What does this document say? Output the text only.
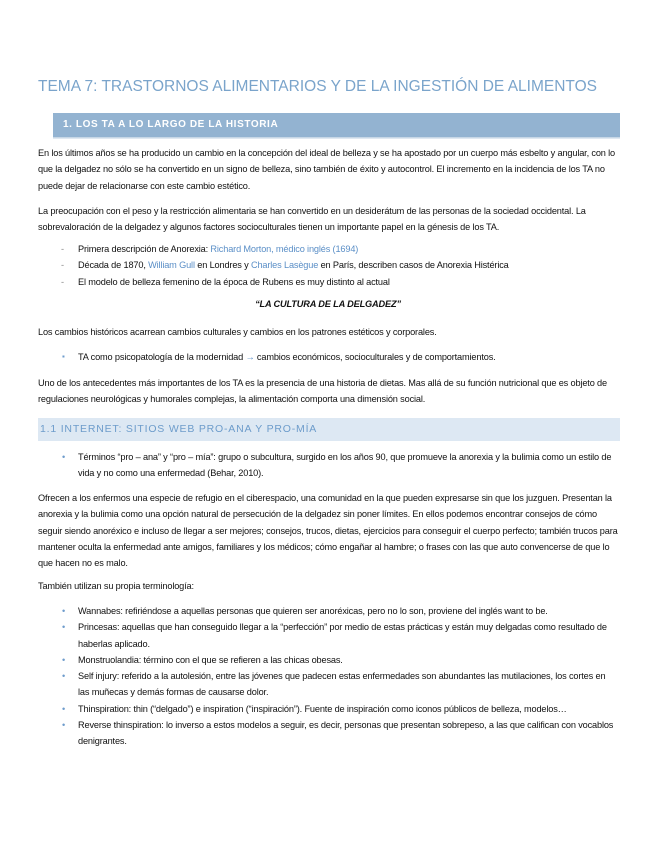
TEMA 7: TRASTORNOS ALIMENTARIOS Y DE LA INGESTIÓN DE ALIMENTOS
1. LOS TA A LO LARGO DE LA HISTORIA
En los últimos años se ha producido un cambio en la concepción del ideal de belleza y se ha apostado por un cuerpo más esbelto y angular, con lo que la delgadez no sólo se ha convertido en un signo de belleza, sino también de éxito y autocontrol. El incremento en la incidencia de los TA no puede dejar de relacionarse con este cambio estético.
La preocupación con el peso y la restricción alimentaria se han convertido en un desiderátum de las personas de la sociedad occidental. La sobrevaloración de la delgadez y algunos factores socioculturales tienen un importante papel en la génesis de los TA.
- Primera descripción de Anorexia: Richard Morton, médico inglés (1694)
- Década de 1870, William Gull en Londres y Charles Lasègue en París, describen casos de Anorexia Histérica
- El modelo de belleza femenino de la época de Rubens es muy distinto al actual
“LA CULTURA DE LA DELGADEZ”
Los cambios históricos acarrean cambios culturales y cambios en los patrones estéticos y corporales.
▪ TA como psicopatología de la modernidad → cambios económicos, socioculturales y de comportamientos.
Uno de los antecedentes más importantes de los TA es la presencia de una historia de dietas. Mas allá de su función nutricional que es objeto de regulaciones neurológicas y humorales complejas, la alimentación comporta una dimensión social.
1.1 INTERNET: SITIOS WEB PRO-ANA Y PRO-MÍA
• Términos “pro – ana” y “pro – mía”: grupo o subcultura, surgido en los años 90, que promueve la anorexia y la bulimia como un estilo de vida y no como una enfermedad (Behar, 2010).
Ofrecen a los enfermos una especie de refugio en el ciberespacio, una comunidad en la que pueden expresarse sin que los juzguen. Presentan la anorexia y la bulimia como una opción natural de persecución de la delgadez sin poner límites. En ellos podemos encontrar consejos de cómo seguir siendo anoréxico e incluso de llegar a ser mejores; consejos, trucos, dietas, ejercicios para conseguir el cuerpo perfecto; también trucos para mantener oculta la enfermedad ante amigos, familiares y los médicos; cómo engañar al hambre; o frases con las que auto convencerse de que lo que hacen no es malo.
También utilizan su propia terminología:
• Wannabes: refiriéndose a aquellas personas que quieren ser anoréxicas, pero no lo son, proviene del inglés want to be.
• Princesas: aquellas que han conseguido llegar a la “perfección” por medio de estas prácticas y están muy delgadas como resultado de haberlas aplicado.
• Monstruolandia: término con el que se refieren a las chicas obesas.
• Self injury: referido a la autolesión, entre las jóvenes que padecen estas enfermedades son abundantes las mutilaciones, los cortes en las muñecas y demás formas de causarse dolor.
• Thinspiration: thin (“delgado”) e inspiration (“inspiración”). Fuente de inspiración como iconos públicos de belleza, modelos…
• Reverse thinspiration: lo inverso a estos modelos a seguir, es decir, personas que presentan sobrepeso, a las que califican con vocablos denigrantes.
